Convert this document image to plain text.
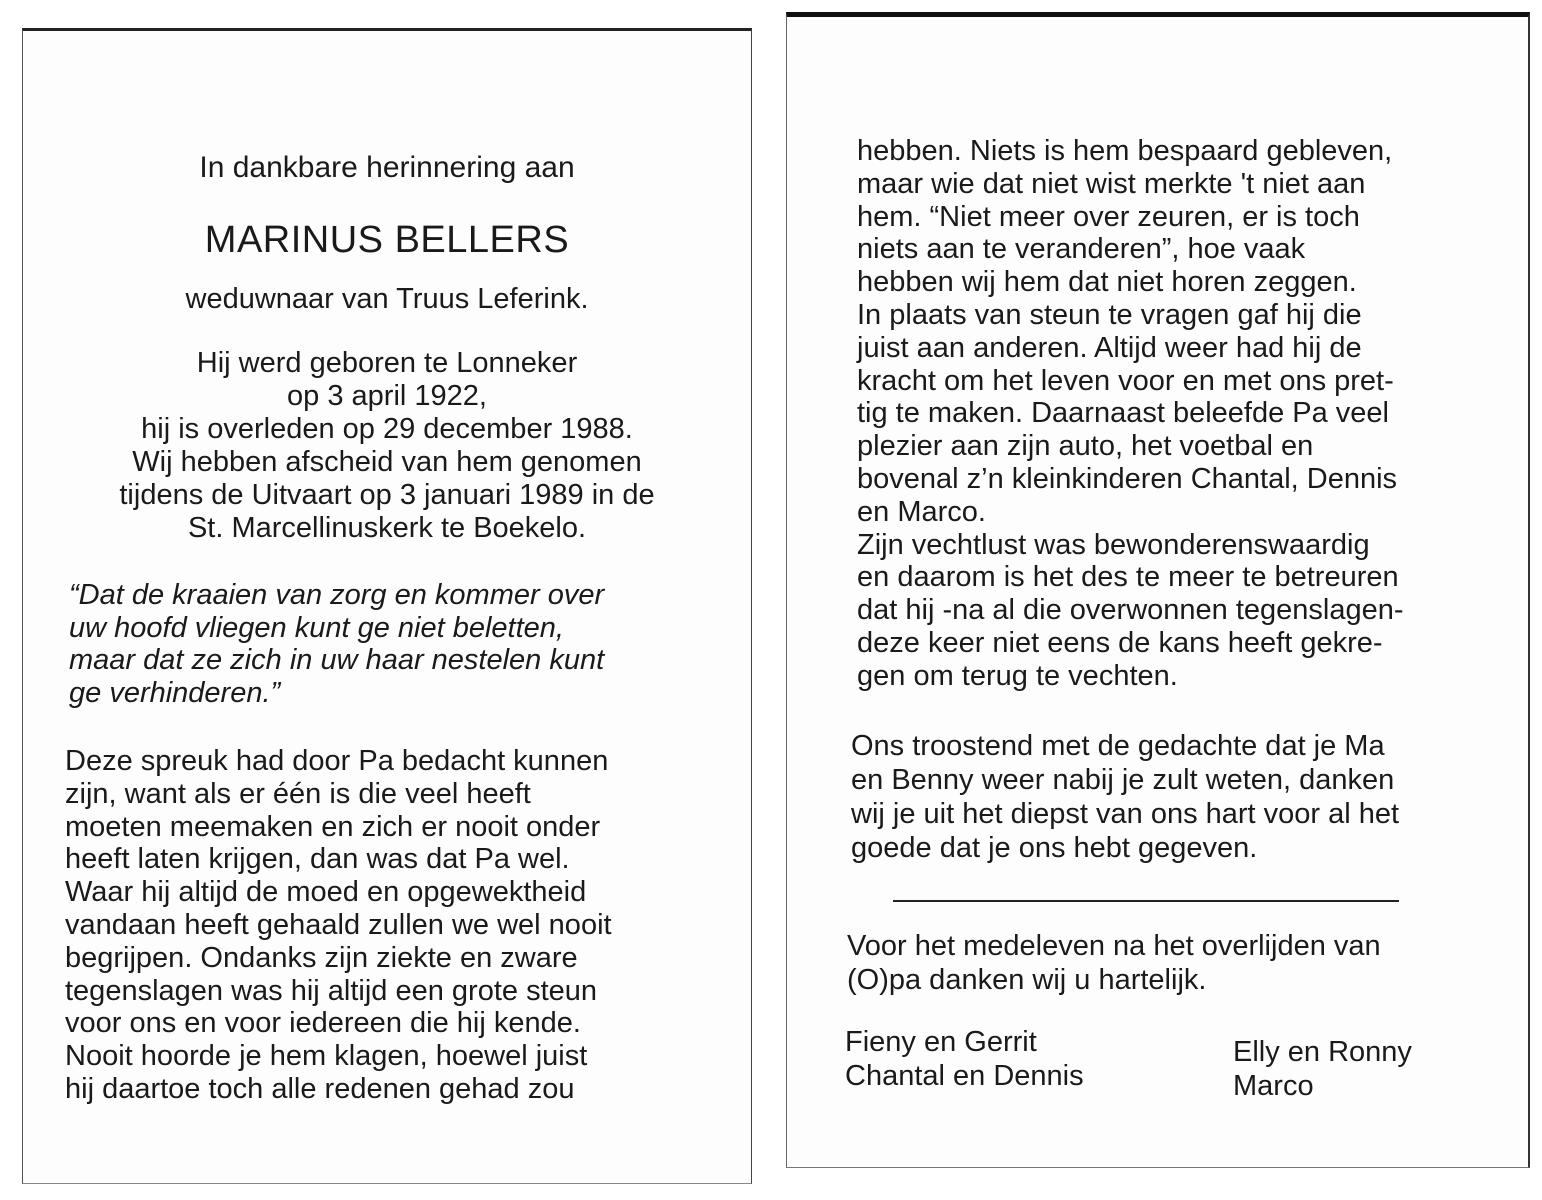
In dankbare herinnering aan
MARINUS BELLERS
weduwnaar van Truus Leferink.
Hij werd geboren te Lonneker
op 3 april 1922,
hij is overleden op 29 december 1988.
Wij hebben afscheid van hem genomen
tijdens de Uitvaart op 3 januari 1989 in de
St. Marcellinuskerk te Boekelo.
“Dat de kraaien van zorg en kommer over
uw hoofd vliegen kunt ge niet beletten,
maar dat ze zich in uw haar nestelen kunt
ge verhinderen.”
Deze spreuk had door Pa bedacht kunnen
zijn, want als er één is die veel heeft
moeten meemaken en zich er nooit onder
heeft laten krijgen, dan was dat Pa wel.
Waar hij altijd de moed en opgewektheid
vandaan heeft gehaald zullen we wel nooit
begrijpen. Ondanks zijn ziekte en zware
tegenslagen was hij altijd een grote steun
voor ons en voor iedereen die hij kende.
Nooit hoorde je hem klagen, hoewel juist
hij daartoe toch alle redenen gehad zou
hebben. Niets is hem bespaard gebleven,
maar wie dat niet wist merkte 't niet aan
hem. “Niet meer over zeuren, er is toch
niets aan te veranderen”, hoe vaak
hebben wij hem dat niet horen zeggen.
In plaats van steun te vragen gaf hij die
juist aan anderen. Altijd weer had hij de
kracht om het leven voor en met ons pret-
tig te maken. Daarnaast beleefde Pa veel
plezier aan zijn auto, het voetbal en
bovenal z’n kleinkinderen Chantal, Dennis
en Marco.
Zijn vechtlust was bewonderenswaardig
en daarom is het des te meer te betreuren
dat hij -na al die overwonnen tegenslagen-
deze keer niet eens de kans heeft gekre-
gen om terug te vechten.
Ons troostend met de gedachte dat je Ma
en Benny weer nabij je zult weten, danken
wij je uit het diepst van ons hart voor al het
goede dat je ons hebt gegeven.
Voor het medeleven na het overlijden van
(O)pa danken wij u hartelijk.
Fieny en Gerrit
Chantal en Dennis
Elly en Ronny
Marco
